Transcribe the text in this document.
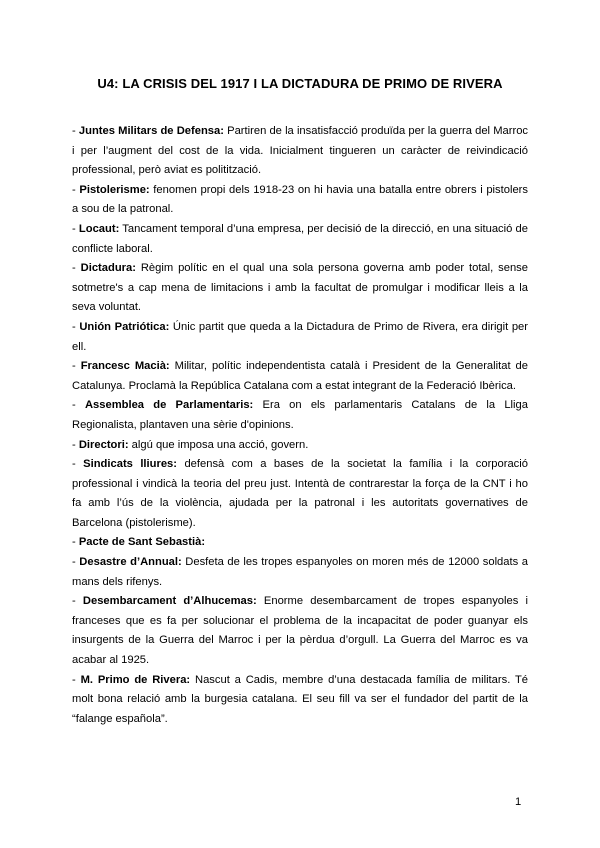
U4: LA CRISIS DEL 1917 I LA DICTADURA DE PRIMO DE RIVERA

- Juntes Militars de Defensa: Partiren de la insatisfacció produïda per la guerra del Marroc i per l’augment del cost de la vida. Inicialment tingueren un caràcter de reivindicació professional, però aviat es politització.

- Pistolerisme: fenomen propi dels 1918-23 on hi havia una batalla entre obrers i pistolers a sou de la patronal.

- Locaut: Tancament temporal d’una empresa, per decisió de la direcció, en una situació de conflicte laboral.

- Dictadura: Règim polític en el qual una sola persona governa amb poder total, sense sotmetre's a cap mena de limitacions i amb la facultat de promulgar i modificar lleis a la seva voluntat.

- Unión Patriótica: Únic partit que queda a la Dictadura de Primo de Rivera, era dirigit per ell.

- Francesc Macià: Militar, polític independentista català i President de la Generalitat de Catalunya. Proclamà la República Catalana com a estat integrant de la Federació Ibèrica.

- Assemblea de Parlamentaris: Era on els parlamentaris Catalans de la Lliga Regionalista, plantaven una sèrie d'opinions.

- Directori: algú que imposa una acció, govern.

- Sindicats lliures: defensà com a bases de la societat la família i la corporació professional i vindicà la teoria del preu just. Intentà de contrarestar la força de la CNT i ho fa amb l’ús de la violència, ajudada per la patronal i les autoritats governatives de Barcelona (pistolerisme).

- Pacte de Sant Sebastià:

- Desastre d’Annual: Desfeta de les tropes espanyoles on moren més de 12000 soldats a mans dels rifenys.

- Desembarcament d’Alhucemas: Enorme desembarcament de tropes espanyoles i franceses que es fa per solucionar el problema de la incapacitat de poder guanyar els insurgents de la Guerra del Marroc i per la pèrdua d’orgull. La Guerra del Marroc es va acabar al 1925.

- M. Primo de Rivera: Nascut a Cadis, membre d’una destacada família de militars. Té molt bona relació amb la burgesia catalana. El seu fill va ser el fundador del partit de la “falange española”.

1
